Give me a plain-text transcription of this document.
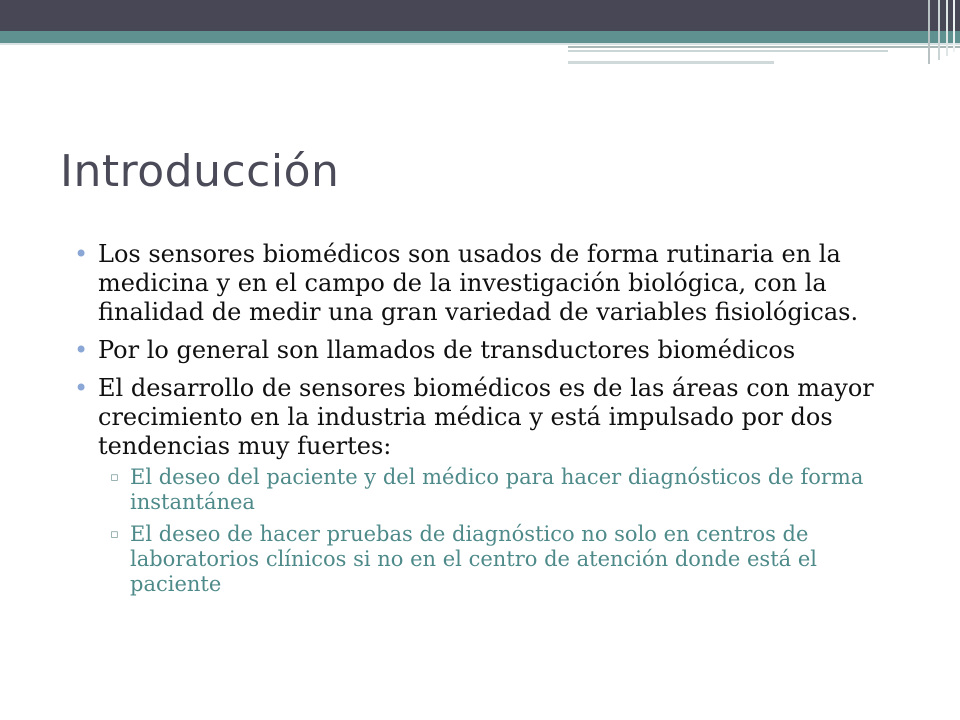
Introducción
• Los sensores biomédicos son usados de forma rutinaria en la medicina y en el campo de la investigación biológica, con la finalidad de medir una gran variedad de variables fisiológicas.
• Por lo general son llamados de transductores biomédicos
• El desarrollo de sensores biomédicos es de las áreas con mayor crecimiento en la industria médica y está impulsado por dos tendencias muy fuertes:
▫ El deseo del paciente y del médico para hacer diagnósticos de forma instantánea
▫ El deseo de hacer pruebas de diagnóstico no solo en centros de laboratorios clínicos si no en el centro de atención donde está el paciente
